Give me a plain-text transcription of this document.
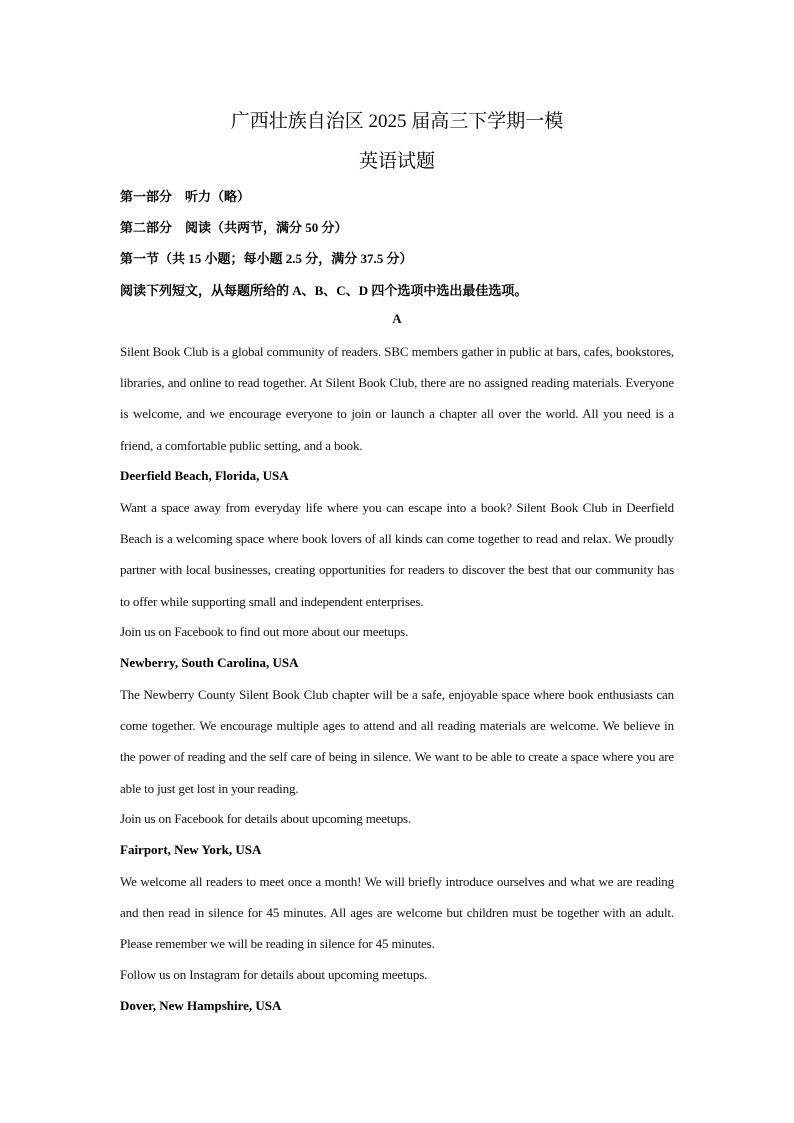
广西壮族自治区 2025 届高三下学期一模
英语试题
第一部分　听力（略）
第二部分　阅读（共两节，满分 50 分）
第一节（共 15 小题；每小题 2.5 分，满分 37.5 分）
阅读下列短文，从每题所给的 A、B、C、D 四个选项中选出最佳选项。
A
Silent Book Club is a global community of readers. SBC members gather in public at bars, cafes, bookstores, libraries, and online to read together. At Silent Book Club, there are no assigned reading materials. Everyone is welcome, and we encourage everyone to join or launch a chapter all over the world. All you need is a friend, a comfortable public setting, and a book.
Deerfield Beach, Florida, USA
Want a space away from everyday life where you can escape into a book? Silent Book Club in Deerfield Beach is a welcoming space where book lovers of all kinds can come together to read and relax. We proudly partner with local businesses, creating opportunities for readers to discover the best that our community has to offer while supporting small and independent enterprises.
Join us on Facebook to find out more about our meetups.
Newberry, South Carolina, USA
The Newberry County Silent Book Club chapter will be a safe, enjoyable space where book enthusiasts can come together. We encourage multiple ages to attend and all reading materials are welcome. We believe in the power of reading and the self care of being in silence. We want to be able to create a space where you are able to just get lost in your reading.
Join us on Facebook for details about upcoming meetups.
Fairport, New York, USA
We welcome all readers to meet once a month! We will briefly introduce ourselves and what we are reading and then read in silence for 45 minutes. All ages are welcome but children must be together with an adult. Please remember we will be reading in silence for 45 minutes.
Follow us on Instagram for details about upcoming meetups.
Dover, New Hampshire, USA
